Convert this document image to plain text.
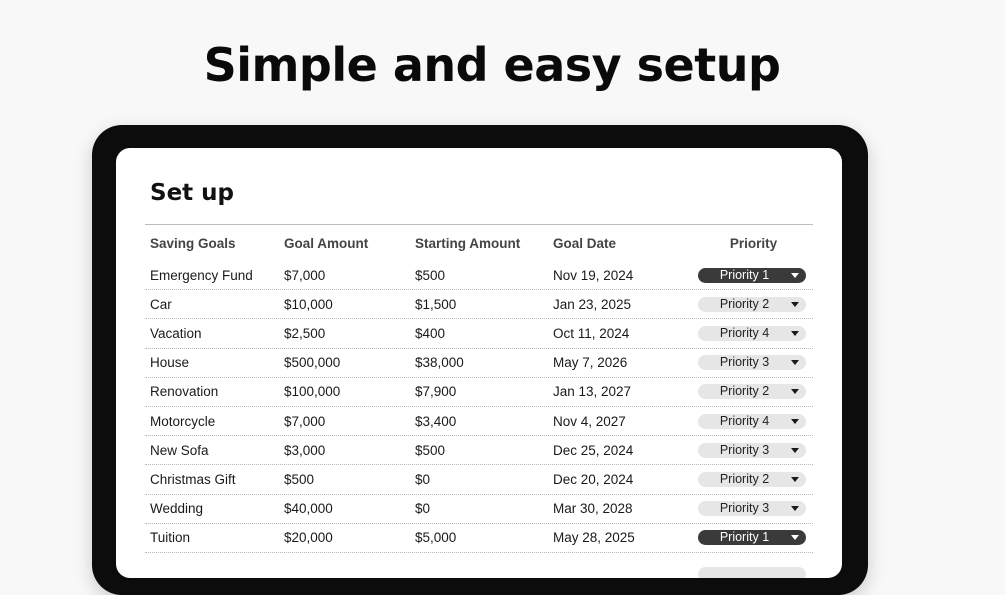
Simple and easy setup
Set up
Saving Goals	Goal Amount	Starting Amount	Goal Date	Priority
Emergency Fund	$7,000	$500	Nov 19, 2024	Priority 1
Car	$10,000	$1,500	Jan 23, 2025	Priority 2
Vacation	$2,500	$400	Oct 11, 2024	Priority 4
House	$500,000	$38,000	May 7, 2026	Priority 3
Renovation	$100,000	$7,900	Jan 13, 2027	Priority 2
Motorcycle	$7,000	$3,400	Nov 4, 2027	Priority 4
New Sofa	$3,000	$500	Dec 25, 2024	Priority 3
Christmas Gift	$500	$0	Dec 20, 2024	Priority 2
Wedding	$40,000	$0	Mar 30, 2028	Priority 3
Tuition	$20,000	$5,000	May 28, 2025	Priority 1
